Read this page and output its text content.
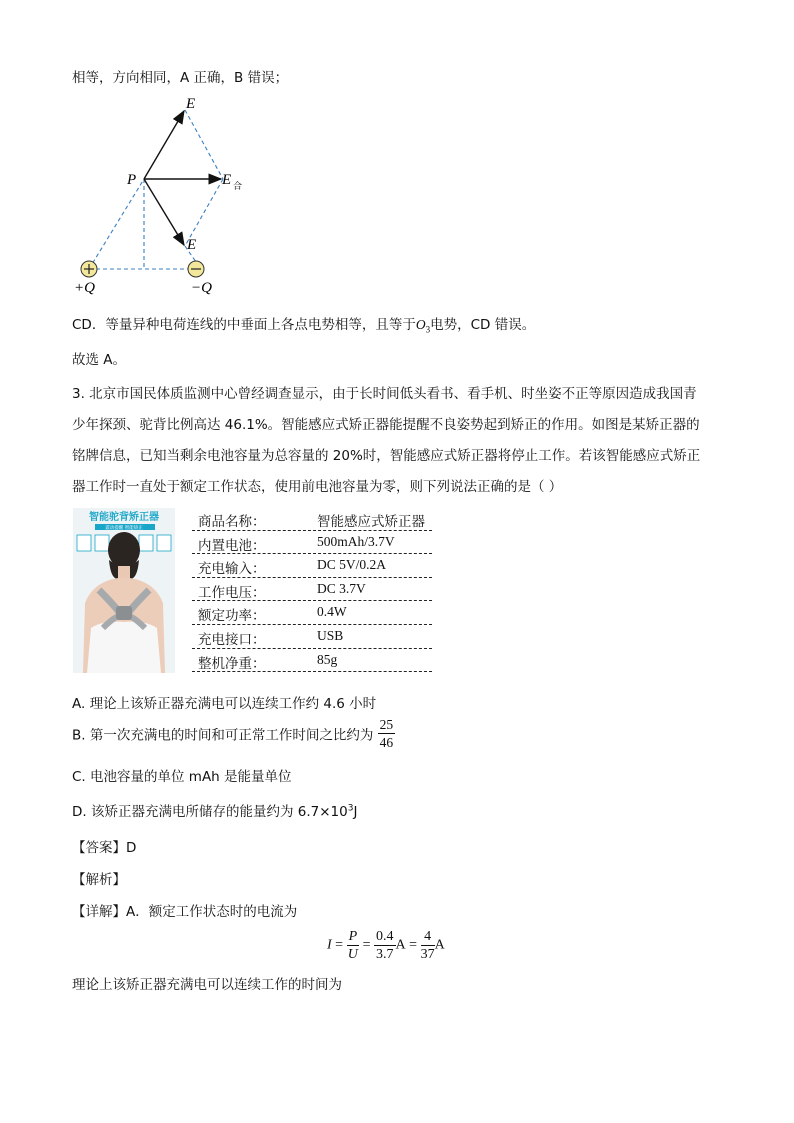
相等，方向相同，A 正确，B 错误；
E
P	E 合
E
+Q	−Q
CD．等量异种电荷连线的中垂面上各点电势相等，且等于$O_3$电势，CD 错误。
故选 A。
3. 北京市国民体质监测中心曾经调查显示，由于长时间低头看书、看手机、时坐姿不正等原因造成我国青
少年探颈、驼背比例高达 46.1%。智能感应式矫正器能提醒不良姿势起到矫正的作用。如图是某矫正器的
铭牌信息，已知当剩余电池容量为总容量的 20%时，智能感应式矫正器将停止工作。若该智能感应式矫正
器工作时一直处于额定工作状态，使用前电池容量为零，则下列说法正确的是（ ）
智能驼背矫正器
震动提醒 智能矫正	商品名称：	智能感应式矫正器
内置电池：	500mAh/3.7V
充电输入：	DC 5V/0.2A
工作电压：	DC 3.7V
额定功率：	0.4W
充电接口：	USB
整机净重：	85g
A. 理论上该矫正器充满电可以连续工作约 4.6 小时
B. 第一次充满电的时间和可正常工作时间之比约为 $\frac{25}{46}$
C. 电池容量的单位 mAh 是能量单位
D. 该矫正器充满电所储存的能量约为 $6.7\times 10^3J$
【答案】D
【解析】
【详解】A．额定工作状态时的电流为
$I = \frac{P}{U} = \frac{0.4}{3.7}$ $A = \frac{4}{37}$ A
理论上该矫正器充满电可以连续工作的时间为
